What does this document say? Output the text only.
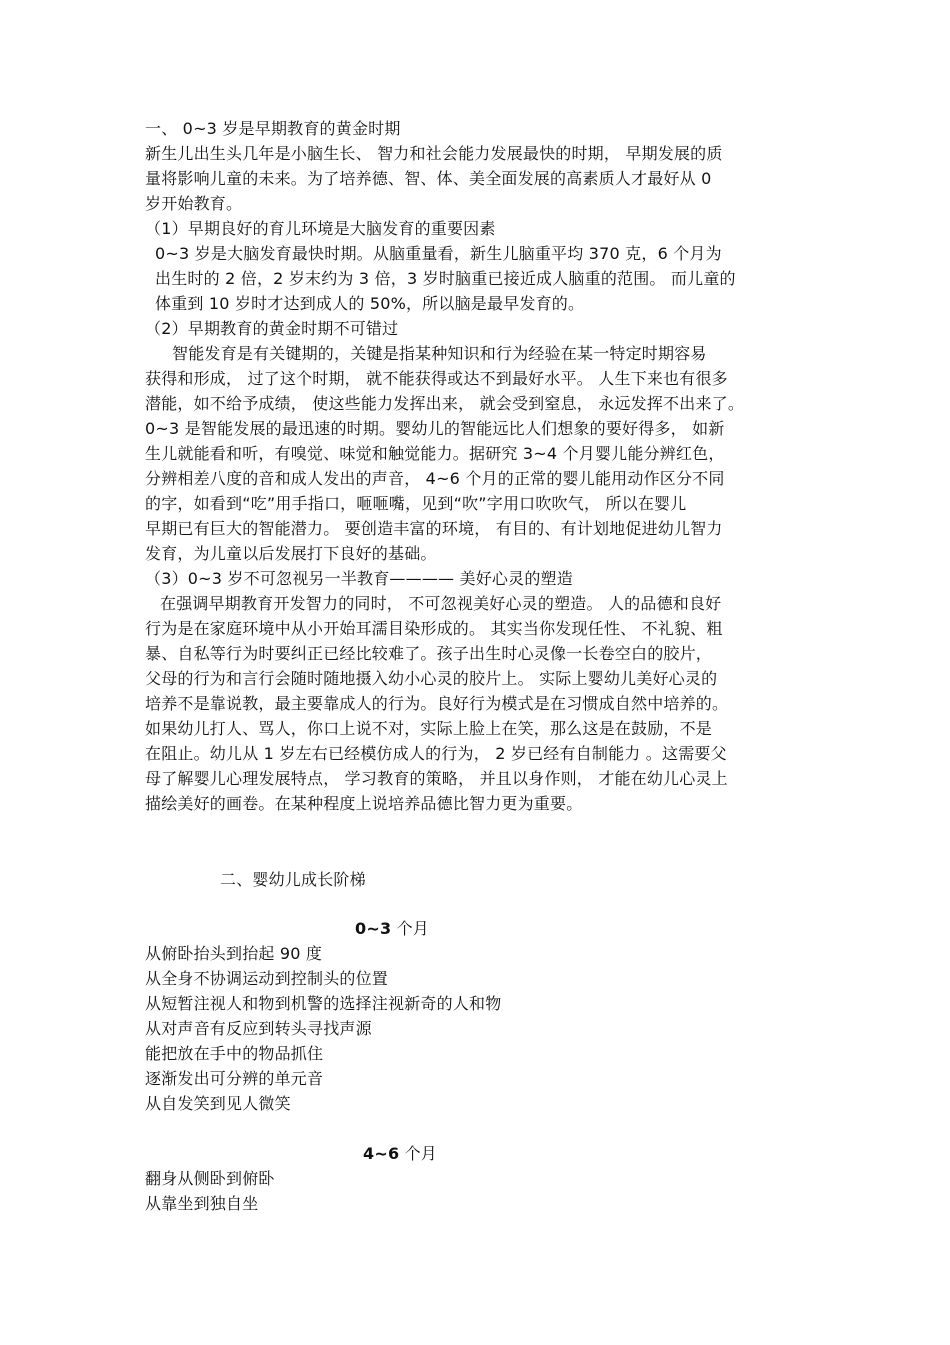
一、 0~3 岁是早期教育的黄金时期
新生儿出生头几年是小脑生长、 智力和社会能力发展最快的时期， 早期发展的质
量将影响儿童的未来。为了培养德、智、体、美全面发展的高素质人才最好从 0
岁开始教育。
（1）早期良好的育儿环境是大脑发育的重要因素
0~3 岁是大脑发育最快时期。从脑重量看，新生儿脑重平均 370 克，6 个月为
出生时的 2 倍，2 岁末约为 3 倍，3 岁时脑重已接近成人脑重的范围。 而儿童的
体重到 10 岁时才达到成人的 50%，所以脑是最早发育的。
（2）早期教育的黄金时期不可错过
智能发育是有关键期的，关键是指某种知识和行为经验在某一特定时期容易
获得和形成， 过了这个时期， 就不能获得或达不到最好水平。 人生下来也有很多
潜能，如不给予成绩， 使这些能力发挥出来， 就会受到窒息， 永远发挥不出来了。
0~3 是智能发展的最迅速的时期。婴幼儿的智能远比人们想象的要好得多， 如新
生儿就能看和听，有嗅觉、味觉和触觉能力。据研究 3~4 个月婴儿能分辨红色，
分辨相差八度的音和成人发出的声音， 4~6 个月的正常的婴儿能用动作区分不同
的字，如看到“吃”用手指口，咂咂嘴，见到“吹”字用口吹吹气， 所以在婴儿
早期已有巨大的智能潜力。 要创造丰富的环境， 有目的、有计划地促进幼儿智力
发育，为儿童以后发展打下良好的基础。
（3）0~3 岁不可忽视另一半教育———— 美好心灵的塑造
在强调早期教育开发智力的同时， 不可忽视美好心灵的塑造。 人的品德和良好
行为是在家庭环境中从小开始耳濡目染形成的。 其实当你发现任性、 不礼貌、粗
暴、自私等行为时要纠正已经比较难了。孩子出生时心灵像一长卷空白的胶片，
父母的行为和言行会随时随地摄入幼小心灵的胶片上。 实际上婴幼儿美好心灵的
培养不是靠说教，最主要靠成人的行为。良好行为模式是在习惯成自然中培养的。
如果幼儿打人、骂人，你口上说不对，实际上脸上在笑，那么这是在鼓励，不是
在阻止。幼儿从 1 岁左右已经模仿成人的行为， 2 岁已经有自制能力 。这需要父
母了解婴儿心理发展特点， 学习教育的策略， 并且以身作则， 才能在幼儿心灵上
描绘美好的画卷。在某种程度上说培养品德比智力更为重要。
二、婴幼儿成长阶梯
0~3 个月
从俯卧抬头到抬起 90 度
从全身不协调运动到控制头的位置
从短暂注视人和物到机警的选择注视新奇的人和物
从对声音有反应到转头寻找声源
能把放在手中的物品抓住
逐渐发出可分辨的单元音
从自发笑到见人微笑
4~6 个月
翻身从侧卧到俯卧
从靠坐到独自坐
